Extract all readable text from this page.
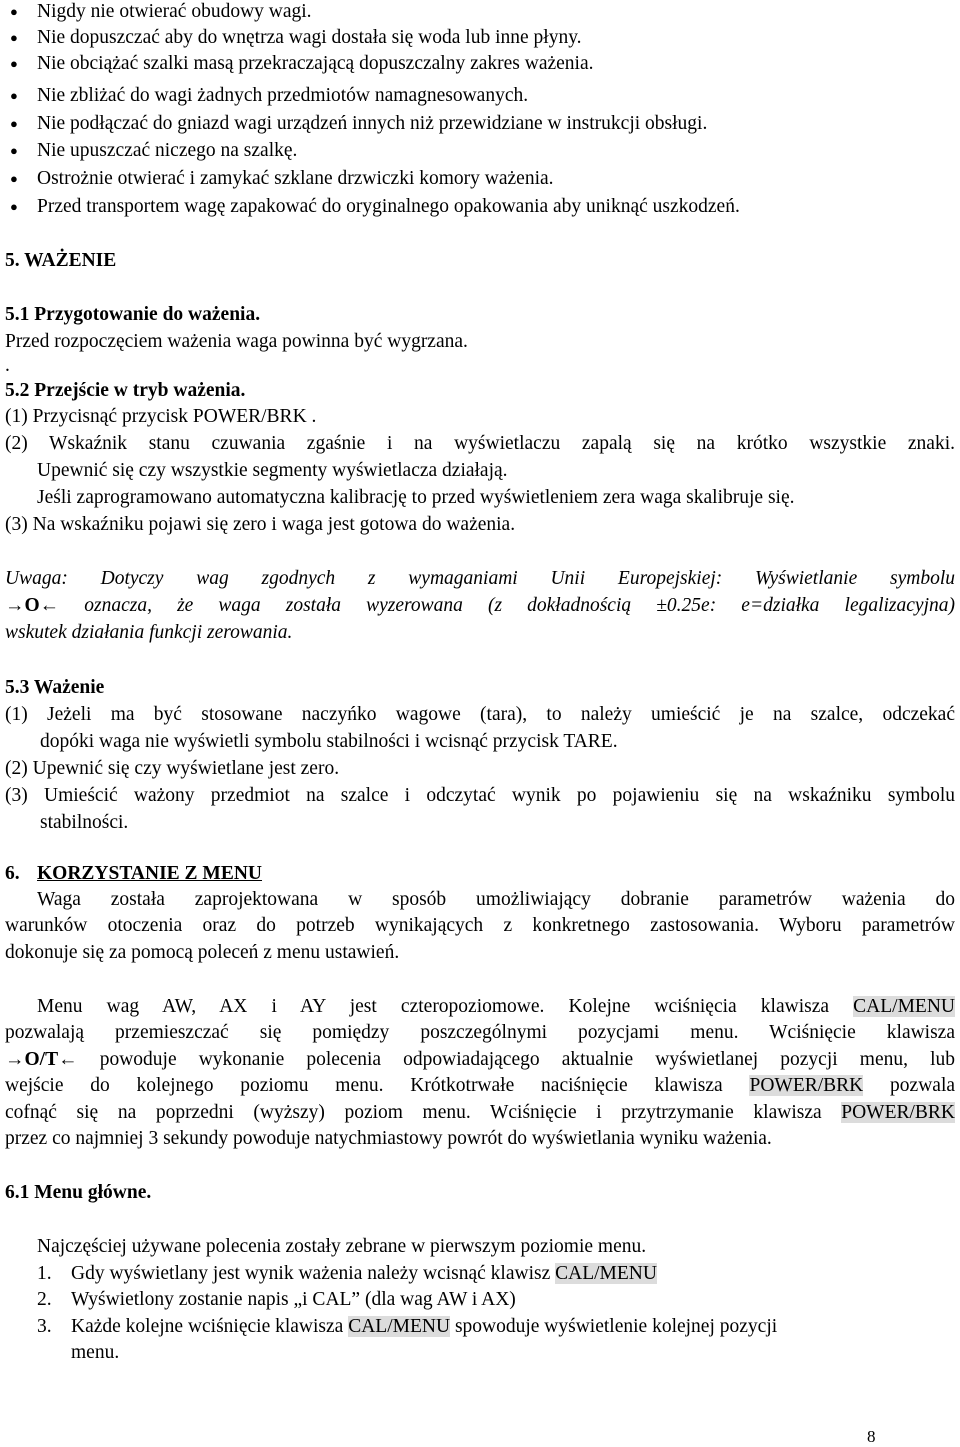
● Nigdy nie otwierać obudowy wagi.
● Nie dopuszczać aby do wnętrza wagi dostała się woda lub inne płyny.
● Nie obciążać szalki masą przekraczającą dopuszczalny zakres ważenia.
● Nie zbliżać do wagi żadnych przedmiotów namagnesowanych.
● Nie podłączać do gniazd wagi urządzeń innych niż przewidziane w instrukcji obsługi.
● Nie upuszczać niczego na szalkę.
● Ostrożnie otwierać i zamykać szklane drzwiczki komory ważenia.
● Przed transportem wagę zapakować do oryginalnego opakowania aby uniknąć uszkodzeń.
5. WAŻENIE
5.1 Przygotowanie do ważenia.
Przed rozpoczęciem ważenia waga powinna być wygrzana.
.
5.2 Przejście w tryb ważenia.
(1) Przycisnąć przycisk POWER/BRK .
(2) Wskaźnik stanu czuwania zgaśnie i na wyświetlaczu zapalą się na krótko wszystkie znaki.
Upewnić się czy wszystkie segmenty wyświetlacza działają.
Jeśli zaprogramowano automatyczna kalibrację to przed wyświetleniem zera waga skalibruje się.
(3) Na wskaźniku pojawi się zero i waga jest gotowa do ważenia.
Uwaga: Dotyczy wag zgodnych z wymaganiami Unii Europejskiej: Wyświetlanie symbolu
→O← oznacza, że waga została wyzerowana (z dokładnością ±0.25e: e=działka legalizacyjna)
wskutek działania funkcji zerowania.
5.3 Ważenie
(1) Jeżeli ma być stosowane naczyńko wagowe (tara), to należy umieścić je na szalce, odczekać
dopóki waga nie wyświetli symbolu stabilności i wcisnąć przycisk TARE.
(2) Upewnić się czy wyświetlane jest zero.
(3) Umieścić ważony przedmiot na szalce i odczytać wynik po pojawieniu się na wskaźniku symbolu
stabilności.
6. KORZYSTANIE Z MENU
Waga została zaprojektowana w sposób umożliwiający dobranie parametrów ważenia do
warunków otoczenia oraz do potrzeb wynikających z konkretnego zastosowania. Wyboru parametrów
dokonuje się za pomocą poleceń z menu ustawień.
Menu wag AW, AX i AY jest czteropoziomowe. Kolejne wciśnięcia klawisza CAL/MENU
pozwalają przemieszczać się pomiędzy poszczególnymi pozycjami menu. Wciśnięcie klawisza
→O/T← powoduje wykonanie polecenia odpowiadającego aktualnie wyświetlanej pozycji menu, lub
wejście do kolejnego poziomu menu. Krótkotrwałe naciśnięcie klawisza POWER/BRK pozwala
cofnąć się na poprzedni (wyższy) poziom menu. Wciśnięcie i przytrzymanie klawisza POWER/BRK
przez co najmniej 3 sekundy powoduje natychmiastowy powrót do wyświetlania wyniku ważenia.
6.1 Menu główne.
Najczęściej używane polecenia zostały zebrane w pierwszym poziomie menu.
1. Gdy wyświetlany jest wynik ważenia należy wcisnąć klawisz CAL/MENU
2. Wyświetlony zostanie napis „i CAL” (dla wag AW i AX)
3. Każde kolejne wciśnięcie klawisza CAL/MENU spowoduje wyświetlenie kolejnej pozycji
menu.
8
